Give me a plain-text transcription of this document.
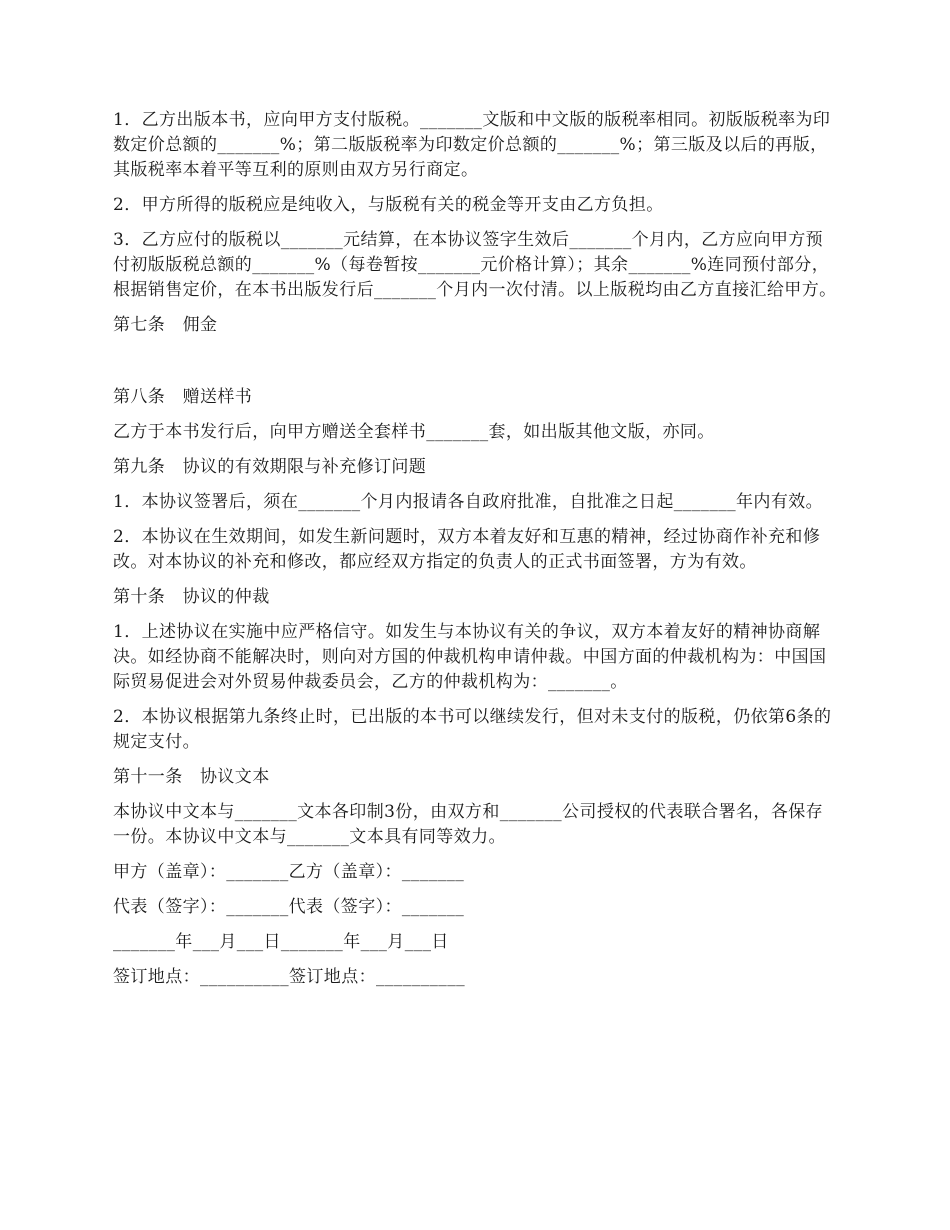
1．乙方出版本书，应向甲方支付版税。_______文版和中文版的版税率相同。初版版税率为印数定价总额的_______%；第二版版税率为印数定价总额的_______%；第三版及以后的再版，其版税率本着平等互利的原则由双方另行商定。

2．甲方所得的版税应是纯收入，与版税有关的税金等开支由乙方负担。

3．乙方应付的版税以_______元结算，在本协议签字生效后_______个月内，乙方应向甲方预付初版版税总额的_______%（每卷暂按_______元价格计算）；其余_______%连同预付部分，根据销售定价，在本书出版发行后_______个月内一次付清。以上版税均由乙方直接汇给甲方。

第七条　佣金

第八条　赠送样书

乙方于本书发行后，向甲方赠送全套样书_______套，如出版其他文版，亦同。

第九条　协议的有效期限与补充修订问题

1．本协议签署后，须在_______个月内报请各自政府批准，自批准之日起_______年内有效。

2．本协议在生效期间，如发生新问题时，双方本着友好和互惠的精神，经过协商作补充和修改。对本协议的补充和修改，都应经双方指定的负责人的正式书面签署，方为有效。

第十条　协议的仲裁

1．上述协议在实施中应严格信守。如发生与本协议有关的争议，双方本着友好的精神协商解决。如经协商不能解决时，则向对方国的仲裁机构申请仲裁。中国方面的仲裁机构为：中国国际贸易促进会对外贸易仲裁委员会，乙方的仲裁机构为：_______。

2．本协议根据第九条终止时，已出版的本书可以继续发行，但对未支付的版税，仍依第6条的规定支付。

第十一条　协议文本

本协议中文本与_______文本各印制3份，由双方和_______公司授权的代表联合署名，各保存一份。本协议中文本与_______文本具有同等效力。

甲方（盖章）：_______乙方（盖章）：_______

代表（签字）：_______代表（签字）：_______

_______年___月___日_______年___月___日

签订地点：__________签订地点：__________
